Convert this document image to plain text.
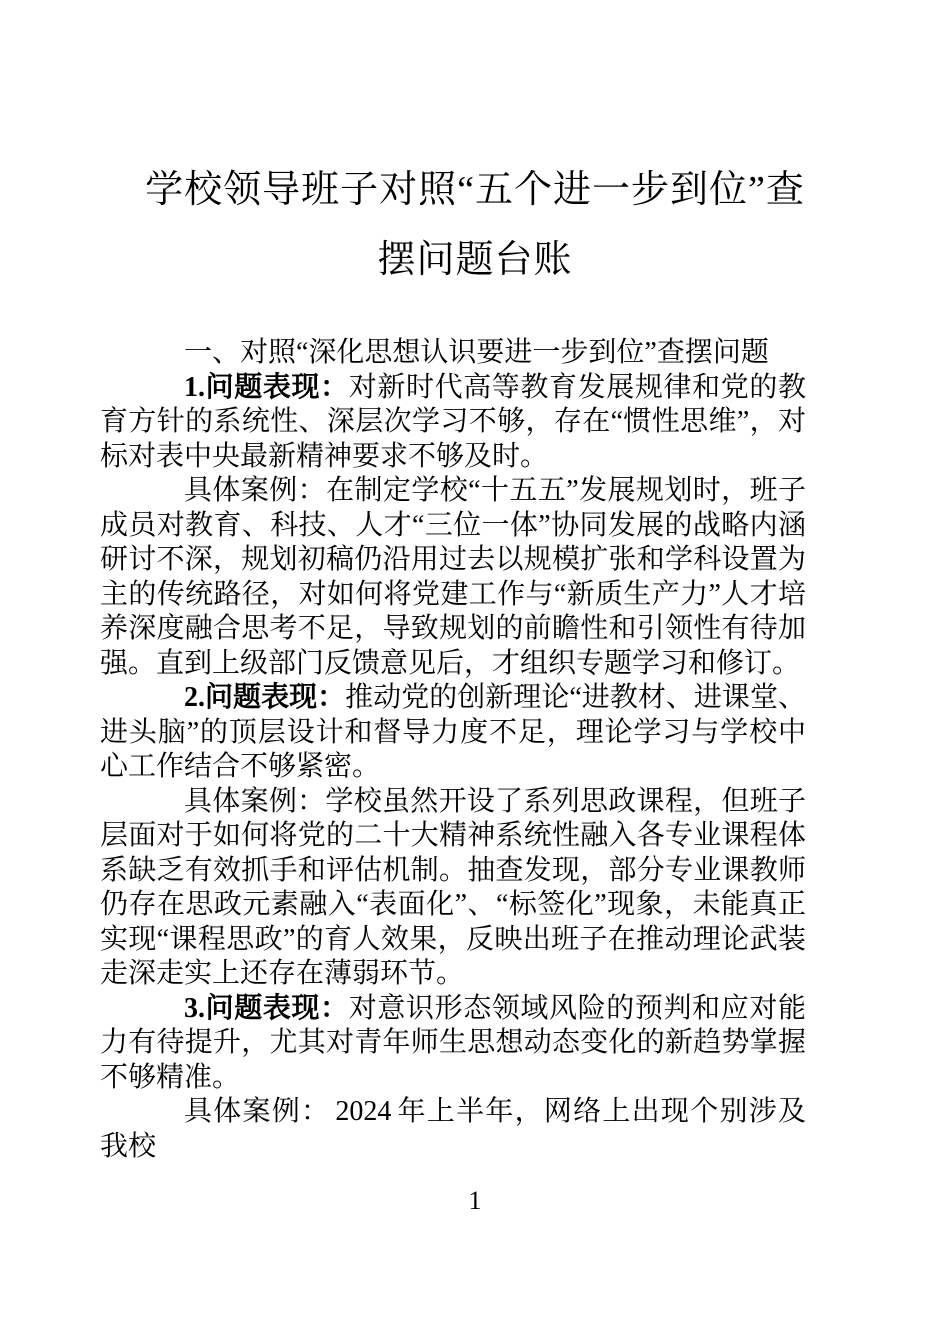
学校领导班子对照“五个进一步到位”查
摆问题台账

一、对照“深化思想认识要进一步到位”查摆问题

1.问题表现：对新时代高等教育发展规律和党的教育方针的系统性、深层次学习不够，存在“惯性思维”，对标对表中央最新精神要求不够及时。

具体案例：在制定学校“十五五”发展规划时，班子成员对教育、科技、人才“三位一体”协同发展的战略内涵研讨不深，规划初稿仍沿用过去以规模扩张和学科设置为主的传统路径，对如何将党建工作与“新质生产力”人才培养深度融合思考不足，导致规划的前瞻性和引领性有待加强。直到上级部门反馈意见后，才组织专题学习和修订。

2.问题表现：推动党的创新理论“进教材、进课堂、进头脑”的顶层设计和督导力度不足，理论学习与学校中心工作结合不够紧密。

具体案例：学校虽然开设了系列思政课程，但班子层面对于如何将党的二十大精神系统性融入各专业课程体系缺乏有效抓手和评估机制。抽查发现，部分专业课教师仍存在思政元素融入“表面化”、“标签化”现象，未能真正实现“课程思政”的育人效果，反映出班子在推动理论武装走深走实上还存在薄弱环节。

3.问题表现：对意识形态领域风险的预判和应对能力有待提升，尤其对青年师生思想动态变化的新趋势掌握不够精准。

具体案例： 2024 年上半年，网络上出现个别涉及我校

1
